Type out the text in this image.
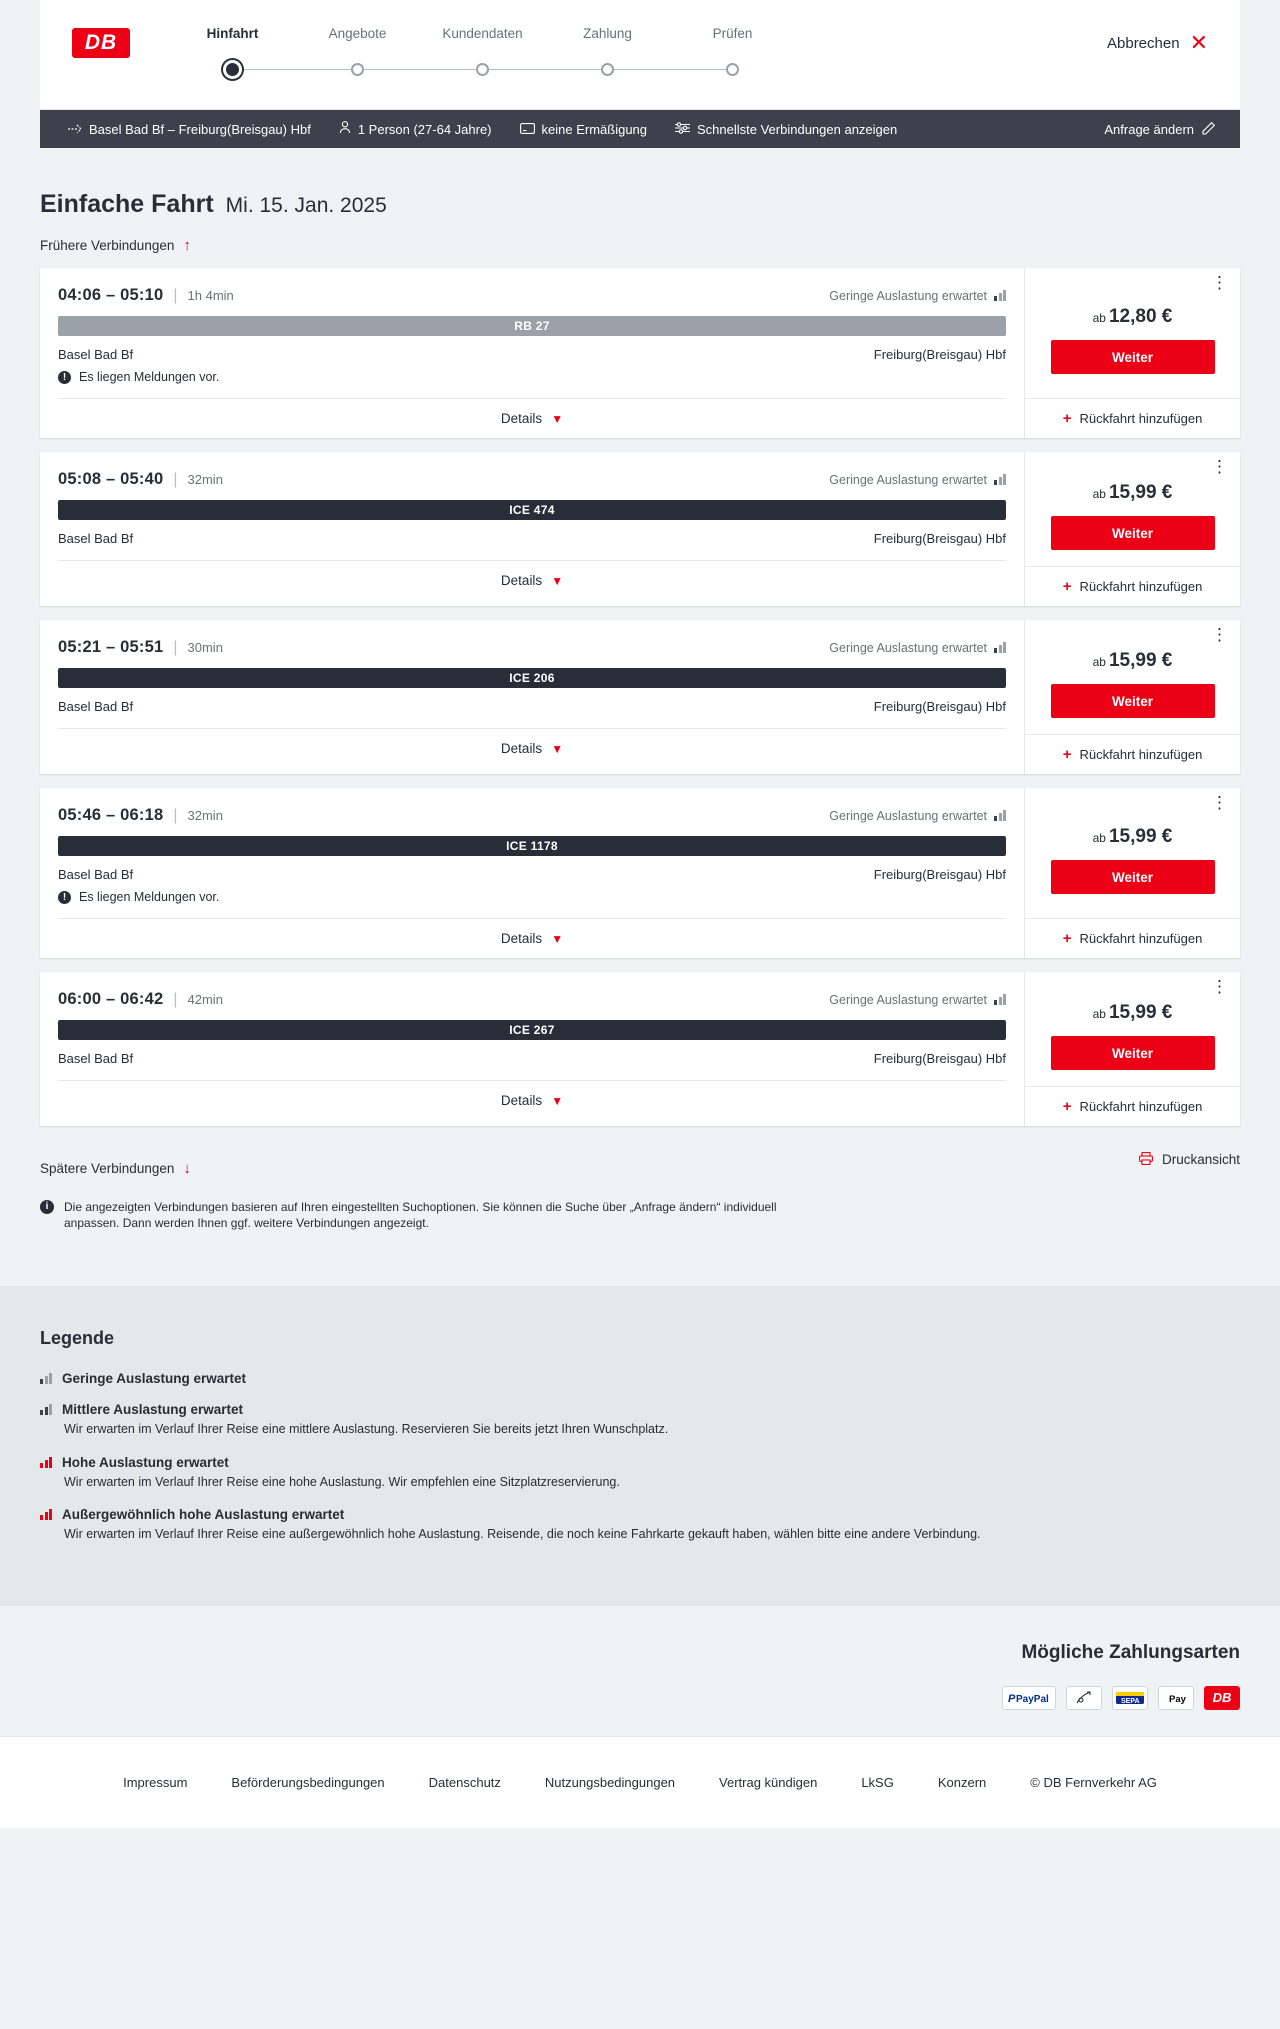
DB	Hinfahrt	Angebote	Kundendaten	Zahlung	Prüfen
Abbrechen ✕
Basel Bad Bf – Freiburg(Breisgau) Hbf	1 Person (27-64 Jahre)	keine Ermäßigung	Schnellste Verbindungen anzeigen	Anfrage ändern
Einfache Fahrt Mi. 15. Jan. 2025
Frühere Verbindungen ↑
04:06 – 05:10 | 1h 4min	Geringe Auslastung erwartet
RB 27
Basel Bad Bf	Freiburg(Breisgau) Hbf
!	Es liegen Meldungen vor.
Details ▼
⋮
ab 12,80 €
Weiter
+ Rückfahrt hinzufügen
05:08 – 05:40 | 32min	Geringe Auslastung erwartet
ICE 474
Basel Bad Bf	Freiburg(Breisgau) Hbf
Details ▼
⋮
ab 15,99 €
Weiter
+ Rückfahrt hinzufügen
05:21 – 05:51 | 30min	Geringe Auslastung erwartet
ICE 206
Basel Bad Bf	Freiburg(Breisgau) Hbf
Details ▼
⋮
ab 15,99 €
Weiter
+ Rückfahrt hinzufügen
05:46 – 06:18 | 32min	Geringe Auslastung erwartet
ICE 1178
Basel Bad Bf	Freiburg(Breisgau) Hbf
!	Es liegen Meldungen vor.
Details ▼
⋮
ab 15,99 €
Weiter
+ Rückfahrt hinzufügen
06:00 – 06:42 | 42min	Geringe Auslastung erwartet
ICE 267
Basel Bad Bf	Freiburg(Breisgau) Hbf
Details ▼
⋮
ab 15,99 €
Weiter
+ Rückfahrt hinzufügen
Spätere Verbindungen ↓
Druckansicht
i	Die angezeigten Verbindungen basieren auf Ihren eingestellten Suchoptionen. Sie können die Suche über „Anfrage ändern“ individuell anpassen. Dann werden Ihnen ggf. weitere Verbindungen angezeigt.
Legende
Geringe Auslastung erwartet
Mittlere Auslastung erwartet
Wir erwarten im Verlauf Ihrer Reise eine mittlere Auslastung. Reservieren Sie bereits jetzt Ihren Wunschplatz.
Hohe Auslastung erwartet
Wir erwarten im Verlauf Ihrer Reise eine hohe Auslastung. Wir empfehlen eine Sitzplatzreservierung.
Außergewöhnlich hohe Auslastung erwartet
Wir erwarten im Verlauf Ihrer Reise eine außergewöhnlich hohe Auslastung. Reisende, die noch keine Fahrkarte gekauft haben, wählen bitte eine andere Verbindung.
Mögliche Zahlungsarten
P PayPal	SEPA	Pay	DB
Impressum	Beförderungsbedingungen	Datenschutz	Nutzungsbedingungen	Vertrag kündigen	LkSG	Konzern	© DB Fernverkehr AG
